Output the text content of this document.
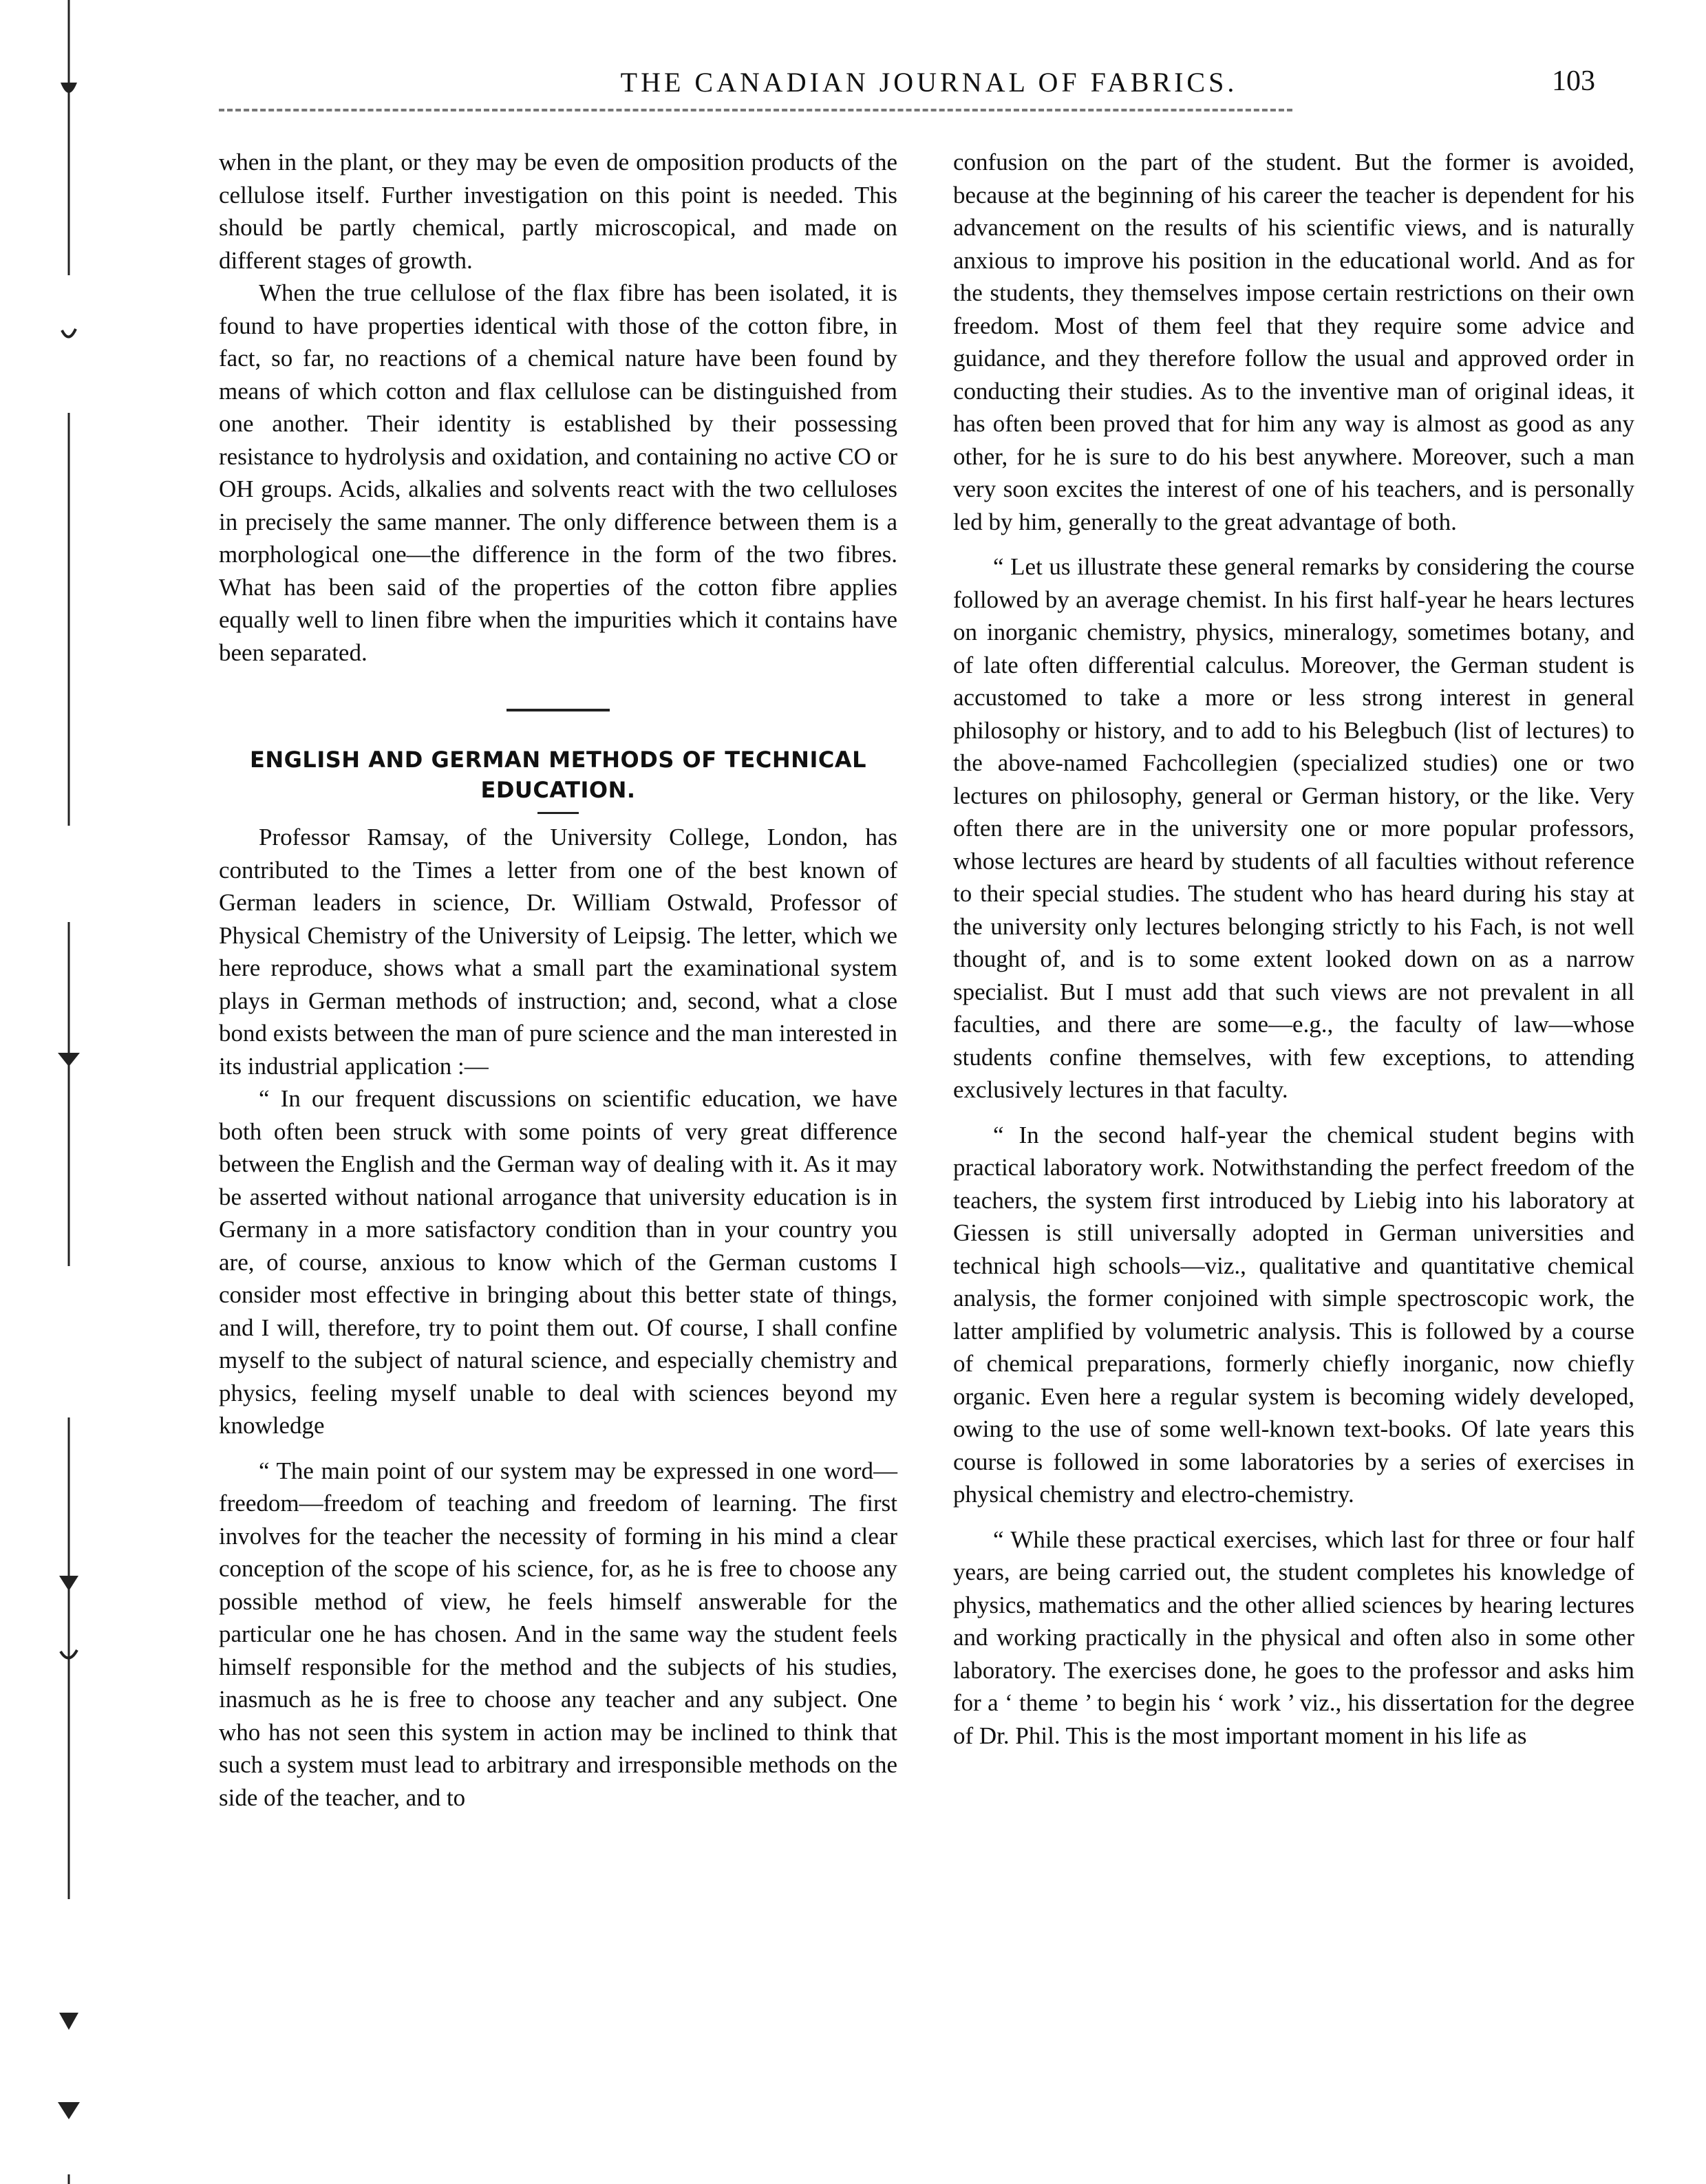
THE CANADIAN JOURNAL OF FABRICS.	103

when in the plant, or they may be even de omposition products of the cellulose itself. Further investigation on this point is needed. This should be partly chemical, partly microscopical, and made on different stages of growth.

When the true cellulose of the flax fibre has been isolated, it is found to have properties identical with those of the cotton fibre, in fact, so far, no reactions of a chemical nature have been found by means of which cotton and flax cellulose can be distinguished from one another. Their identity is established by their possessing resistance to hydrolysis and oxidation, and containing no active CO or OH groups. Acids, alkalies and solvents react with the two celluloses in precisely the same manner. The only difference between them is a morphological one—the difference in the form of the two fibres. What has been said of the properties of the cotton fibre applies equally well to linen fibre when the impurities which it contains have been separated.

ENGLISH AND GERMAN METHODS OF TECHNICAL EDUCATION.

Professor Ramsay, of the University College, London, has contributed to the Times a letter from one of the best known of German leaders in science, Dr. William Ostwald, Professor of Physical Chemistry of the University of Leipsig. The letter, which we here reproduce, shows what a small part the examinational system plays in German methods of instruction; and, second, what a close bond exists between the man of pure science and the man interested in its industrial application :—

“ In our frequent discussions on scientific education, we have both often been struck with some points of very great difference between the English and the German way of dealing with it. As it may be asserted without national arrogance that university education is in Germany in a more satisfactory condition than in your country you are, of course, anxious to know which of the German customs I consider most effective in bringing about this better state of things, and I will, therefore, try to point them out. Of course, I shall confine myself to the subject of natural science, and especially chemistry and physics, feeling myself unable to deal with sciences beyond my knowledge

“ The main point of our system may be expressed in one word—freedom—freedom of teaching and freedom of learning. The first involves for the teacher the necessity of forming in his mind a clear conception of the scope of his science, for, as he is free to choose any possible method of view, he feels himself answerable for the particular one he has chosen. And in the same way the student feels himself responsible for the method and the subjects of his studies, inasmuch as he is free to choose any teacher and any subject. One who has not seen this system in action may be inclined to think that such a system must lead to arbitrary and irresponsible methods on the side of the teacher, and to

confusion on the part of the student. But the former is avoided, because at the beginning of his career the teacher is dependent for his advancement on the results of his scientific views, and is naturally anxious to improve his position in the educational world. And as for the students, they themselves impose certain restrictions on their own freedom. Most of them feel that they require some advice and guidance, and they therefore follow the usual and approved order in conducting their studies. As to the inventive man of original ideas, it has often been proved that for him any way is almost as good as any other, for he is sure to do his best anywhere. Moreover, such a man very soon excites the interest of one of his teachers, and is personally led by him, generally to the great advantage of both.

“ Let us illustrate these general remarks by considering the course followed by an average chemist. In his first half-year he hears lectures on inorganic chemistry, physics, mineralogy, sometimes botany, and of late often differential calculus. Moreover, the German student is accustomed to take a more or less strong interest in general philosophy or history, and to add to his Belegbuch (list of lectures) to the above-named Fachcollegien (specialized studies) one or two lectures on philosophy, general or German history, or the like. Very often there are in the university one or more popular professors, whose lectures are heard by students of all faculties without reference to their special studies. The student who has heard during his stay at the university only lectures belonging strictly to his Fach, is not well thought of, and is to some extent looked down on as a narrow specialist. But I must add that such views are not prevalent in all faculties, and there are some—e.g., the faculty of law—whose students confine themselves, with few exceptions, to attending exclusively lectures in that faculty.

“ In the second half-year the chemical student begins with practical laboratory work. Notwithstanding the perfect freedom of the teachers, the system first introduced by Liebig into his laboratory at Giessen is still universally adopted in German universities and technical high schools—viz., qualitative and quantitative chemical analysis, the former conjoined with simple spectroscopic work, the latter amplified by volumetric analysis. This is followed by a course of chemical preparations, formerly chiefly inorganic, now chiefly organic. Even here a regular system is becoming widely developed, owing to the use of some well-known text-books. Of late years this course is followed in some laboratories by a series of exercises in physical chemistry and electro-chemistry.

“ While these practical exercises, which last for three or four half years, are being carried out, the student completes his knowledge of physics, mathematics and the other allied sciences by hearing lectures and working practically in the physical and often also in some other laboratory. The exercises done, he goes to the professor and asks him for a ‘ theme ’ to begin his ‘ work ’ viz., his dissertation for the degree of Dr. Phil. This is the most important moment in his life as
